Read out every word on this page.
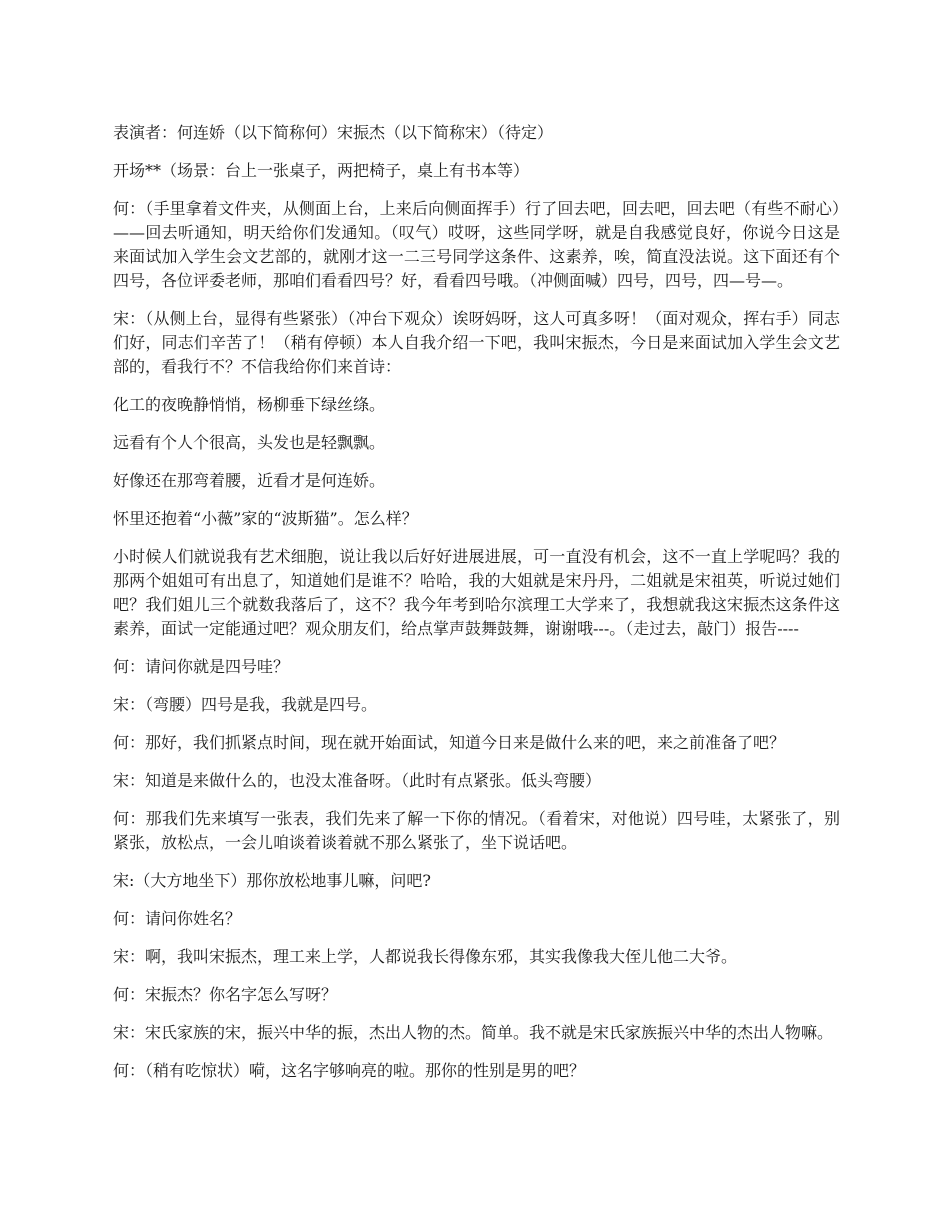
表演者：何连娇（以下简称何）宋振杰（以下简称宋）（待定）

开场**（场景：台上一张桌子，两把椅子，桌上有书本等）

何：（手里拿着文件夹，从侧面上台，上来后向侧面挥手）行了回去吧，回去吧，回去吧（有些不耐心）——回去听通知，明天给你们发通知。（叹气）哎呀，这些同学呀，就是自我感觉良好，你说今日这是来面试加入学生会文艺部的，就刚才这一二三号同学这条件、这素养，唉，简直没法说。这下面还有个四号，各位评委老师，那咱们看看四号？好，看看四号哦。（冲侧面喊）四号，四号，四—号—。

宋：（从侧上台，显得有些紧张）（冲台下观众）诶呀妈呀，这人可真多呀！（面对观众，挥右手）同志们好，同志们辛苦了！（稍有停顿）本人自我介绍一下吧，我叫宋振杰，今日是来面试加入学生会文艺部的，看我行不？不信我给你们来首诗：

化工的夜晚静悄悄，杨柳垂下绿丝绦。

远看有个人个很高，头发也是轻飘飘。

好像还在那弯着腰，近看才是何连娇。

怀里还抱着“小薇”家的“波斯猫”。怎么样？

小时候人们就说我有艺术细胞，说让我以后好好进展进展，可一直没有机会，这不一直上学呢吗？我的那两个姐姐可有出息了，知道她们是谁不？哈哈，我的大姐就是宋丹丹，二姐就是宋祖英，听说过她们吧？我们姐儿三个就数我落后了，这不？我今年考到哈尔滨理工大学来了，我想就我这宋振杰这条件这素养，面试一定能通过吧？观众朋友们，给点掌声鼓舞鼓舞，谢谢哦---。（走过去，敲门）报告----

何：请问你就是四号哇？

宋：（弯腰）四号是我，我就是四号。

何：那好，我们抓紧点时间，现在就开始面试，知道今日来是做什么来的吧，来之前准备了吧？

宋：知道是来做什么的，也没太准备呀。（此时有点紧张。低头弯腰）

何：那我们先来填写一张表，我们先来了解一下你的情况。（看着宋，对他说）四号哇，太紧张了，别紧张，放松点，一会儿咱谈着谈着就不那么紧张了，坐下说话吧。

宋:（大方地坐下）那你放松地事儿嘛，问吧?

何：请问你姓名？

宋：啊，我叫宋振杰，理工来上学，人都说我长得像东邪，其实我像我大侄儿他二大爷。

何：宋振杰？你名字怎么写呀？

宋：宋氏家族的宋，振兴中华的振，杰出人物的杰。简单。我不就是宋氏家族振兴中华的杰出人物嘛。

何：（稍有吃惊状）嗬，这名字够响亮的啦。那你的性别是男的吧？
